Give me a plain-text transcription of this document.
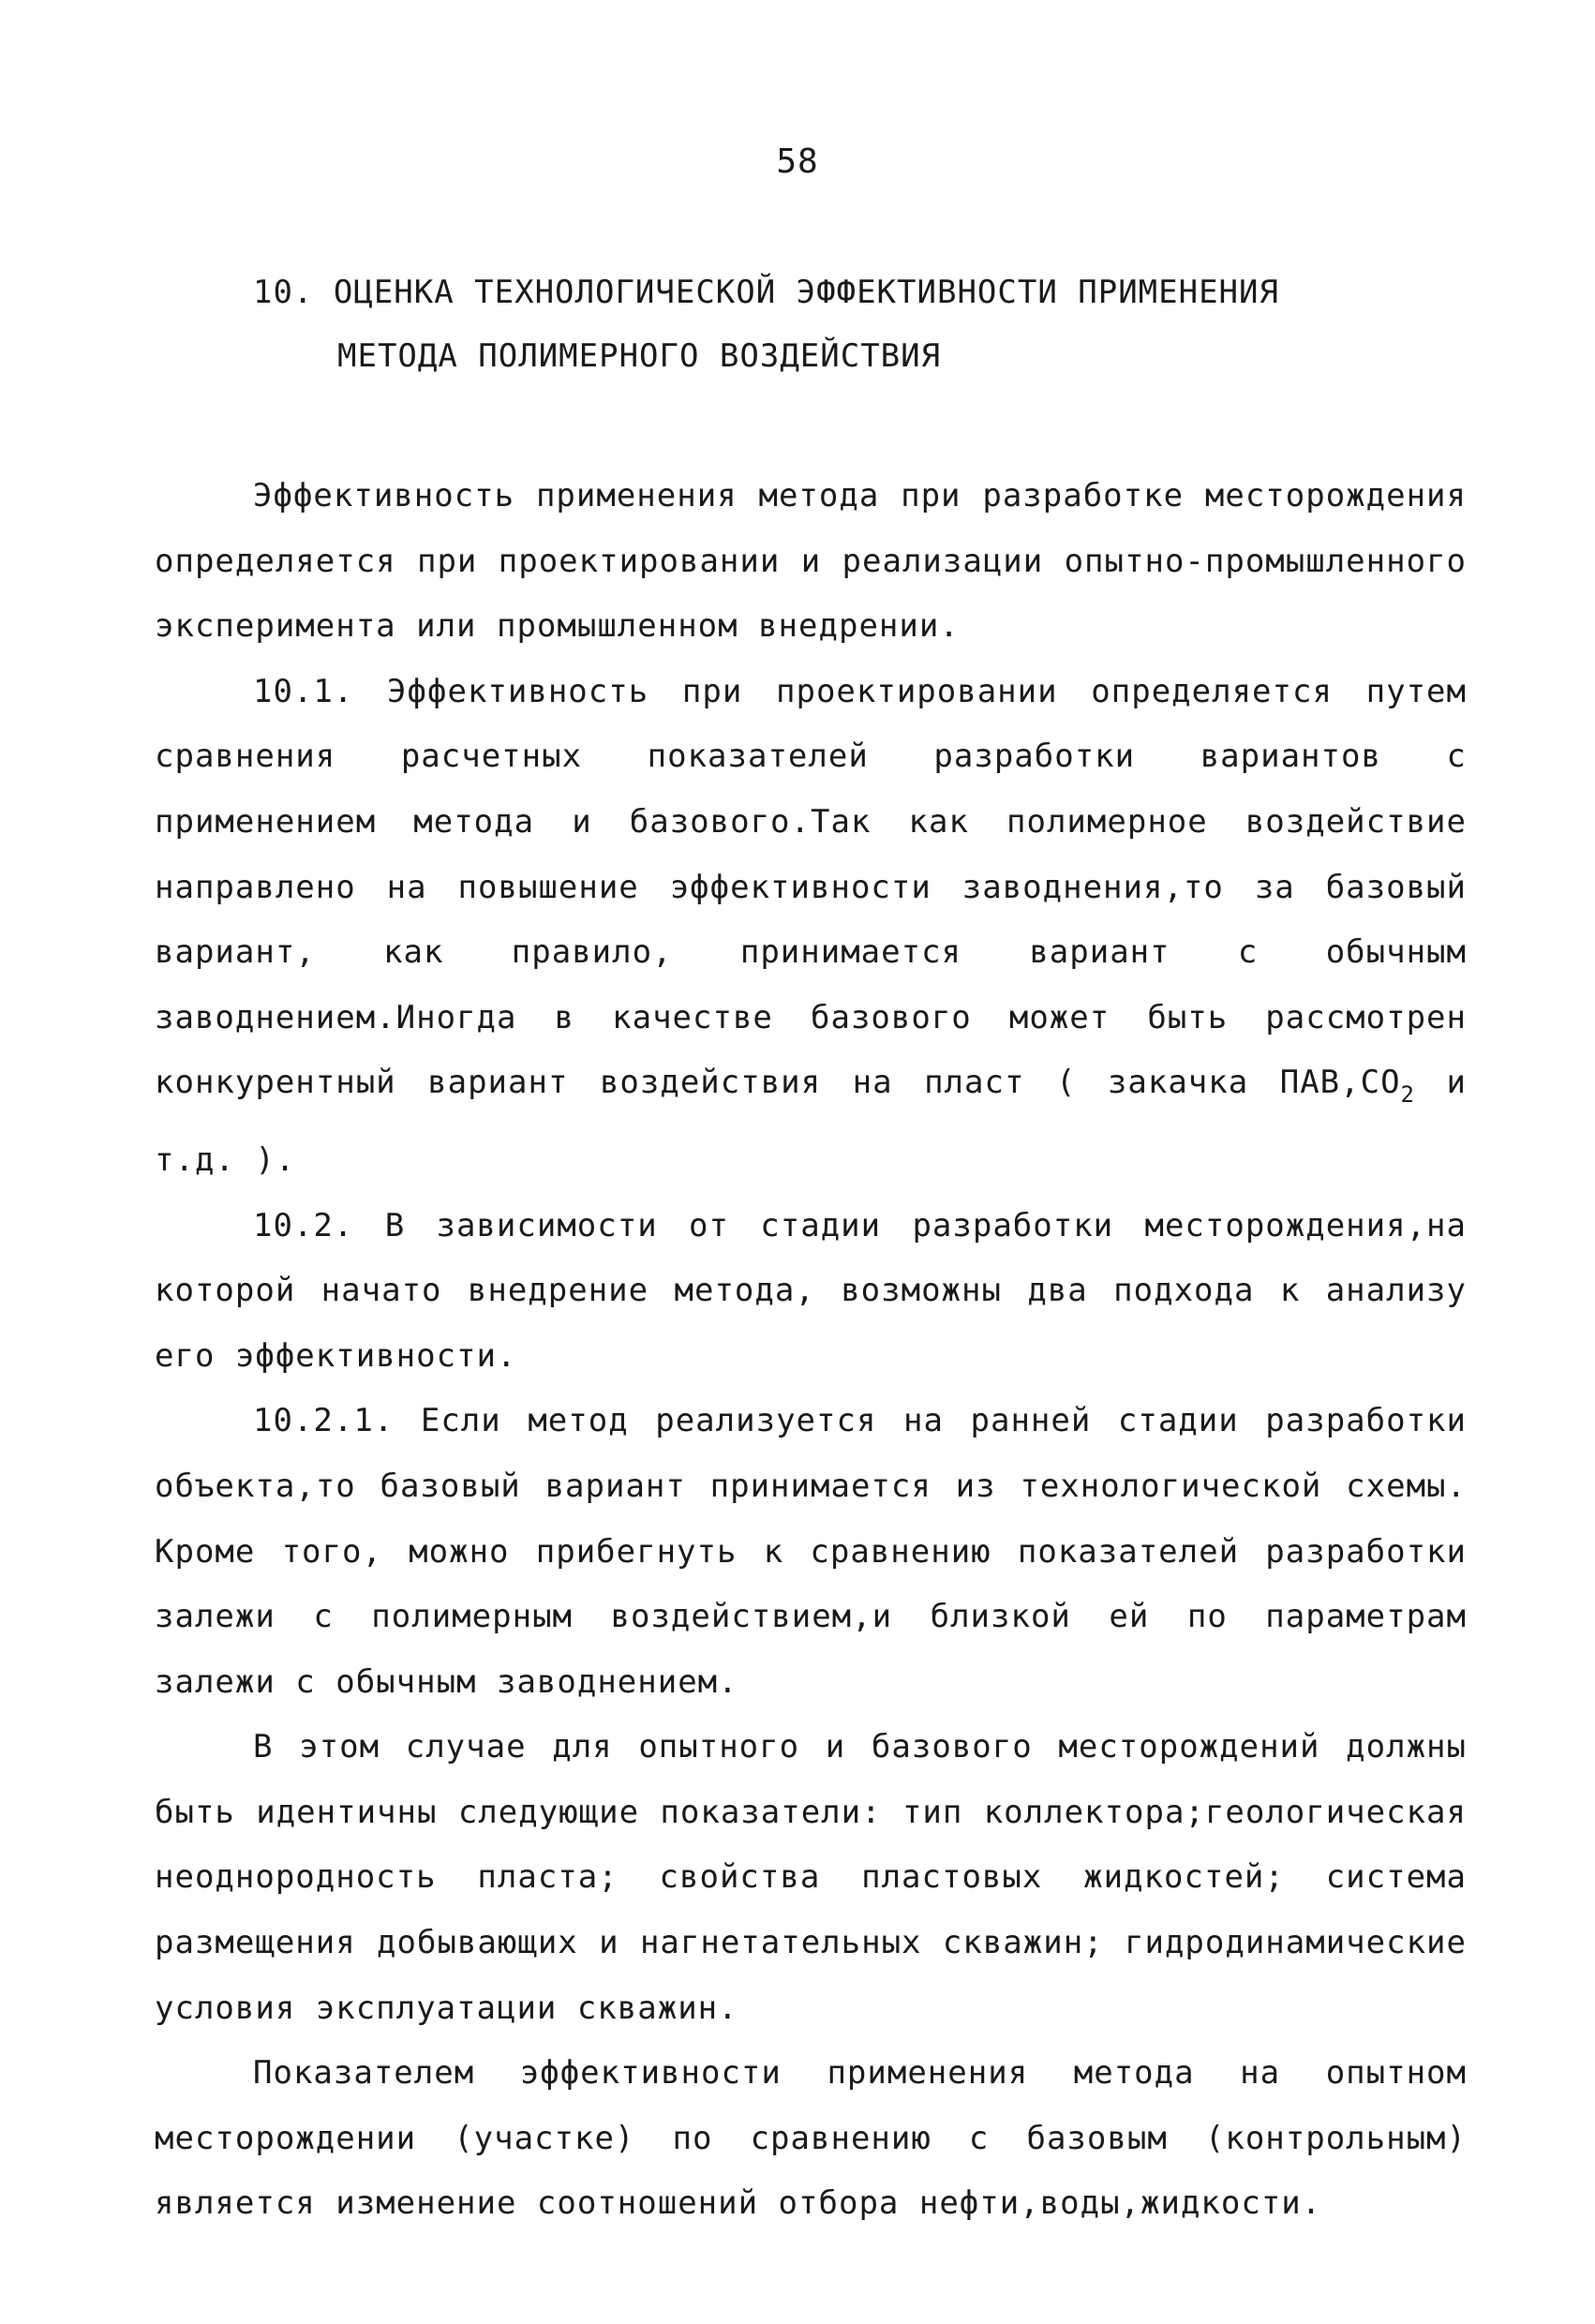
58
10. ОЦЕНКА ТЕХНОЛОГИЧЕСКОЙ ЭФФЕКТИВНОСТИ ПРИМЕНЕНИЯ
МЕТОДА ПОЛИМЕРНОГО ВОЗДЕЙСТВИЯ

Эффективность применения метода при разработке месторождения определяется при проектировании и реализации опытно-промышленного эксперимента или промышленном внедрении.

10.1. Эффективность при проектировании определяется путем сравнения расчетных показателей разработки вариантов с применением метода и базового.Так как полимерное воздействие направлено на повышение эффективности заводнения,то за базовый вариант, как правило, принимается вариант с обычным заводнением.Иногда в качестве базового может быть рассмотрен конкурентный вариант воздействия на пласт ( закачка $ПАВ,CO_2$ и т.д. ).

10.2. В зависимости от стадии разработки месторождения,на которой начато внедрение метода, возможны два подхода к анализу его эффективности.

10.2.1. Если метод реализуется на ранней стадии разработки объекта,то базовый вариант принимается из технологической схемы. Кроме того, можно прибегнуть к сравнению показателей разработки залежи с полимерным воздействием,и близкой ей по параметрам залежи с обычным заводнением.

В этом случае для опытного и базового месторождений должны быть идентичны следующие показатели: тип коллектора;геологическая неоднородность пласта; свойства пластовых жидкостей; система размещения добывающих и нагнетательных скважин; гидродинамические условия эксплуатации скважин.

Показателем эффективности применения метода на опытном месторождении (участке) по сравнению с базовым (контрольным) является изменение соотношений отбора нефти,воды,жидкости.
